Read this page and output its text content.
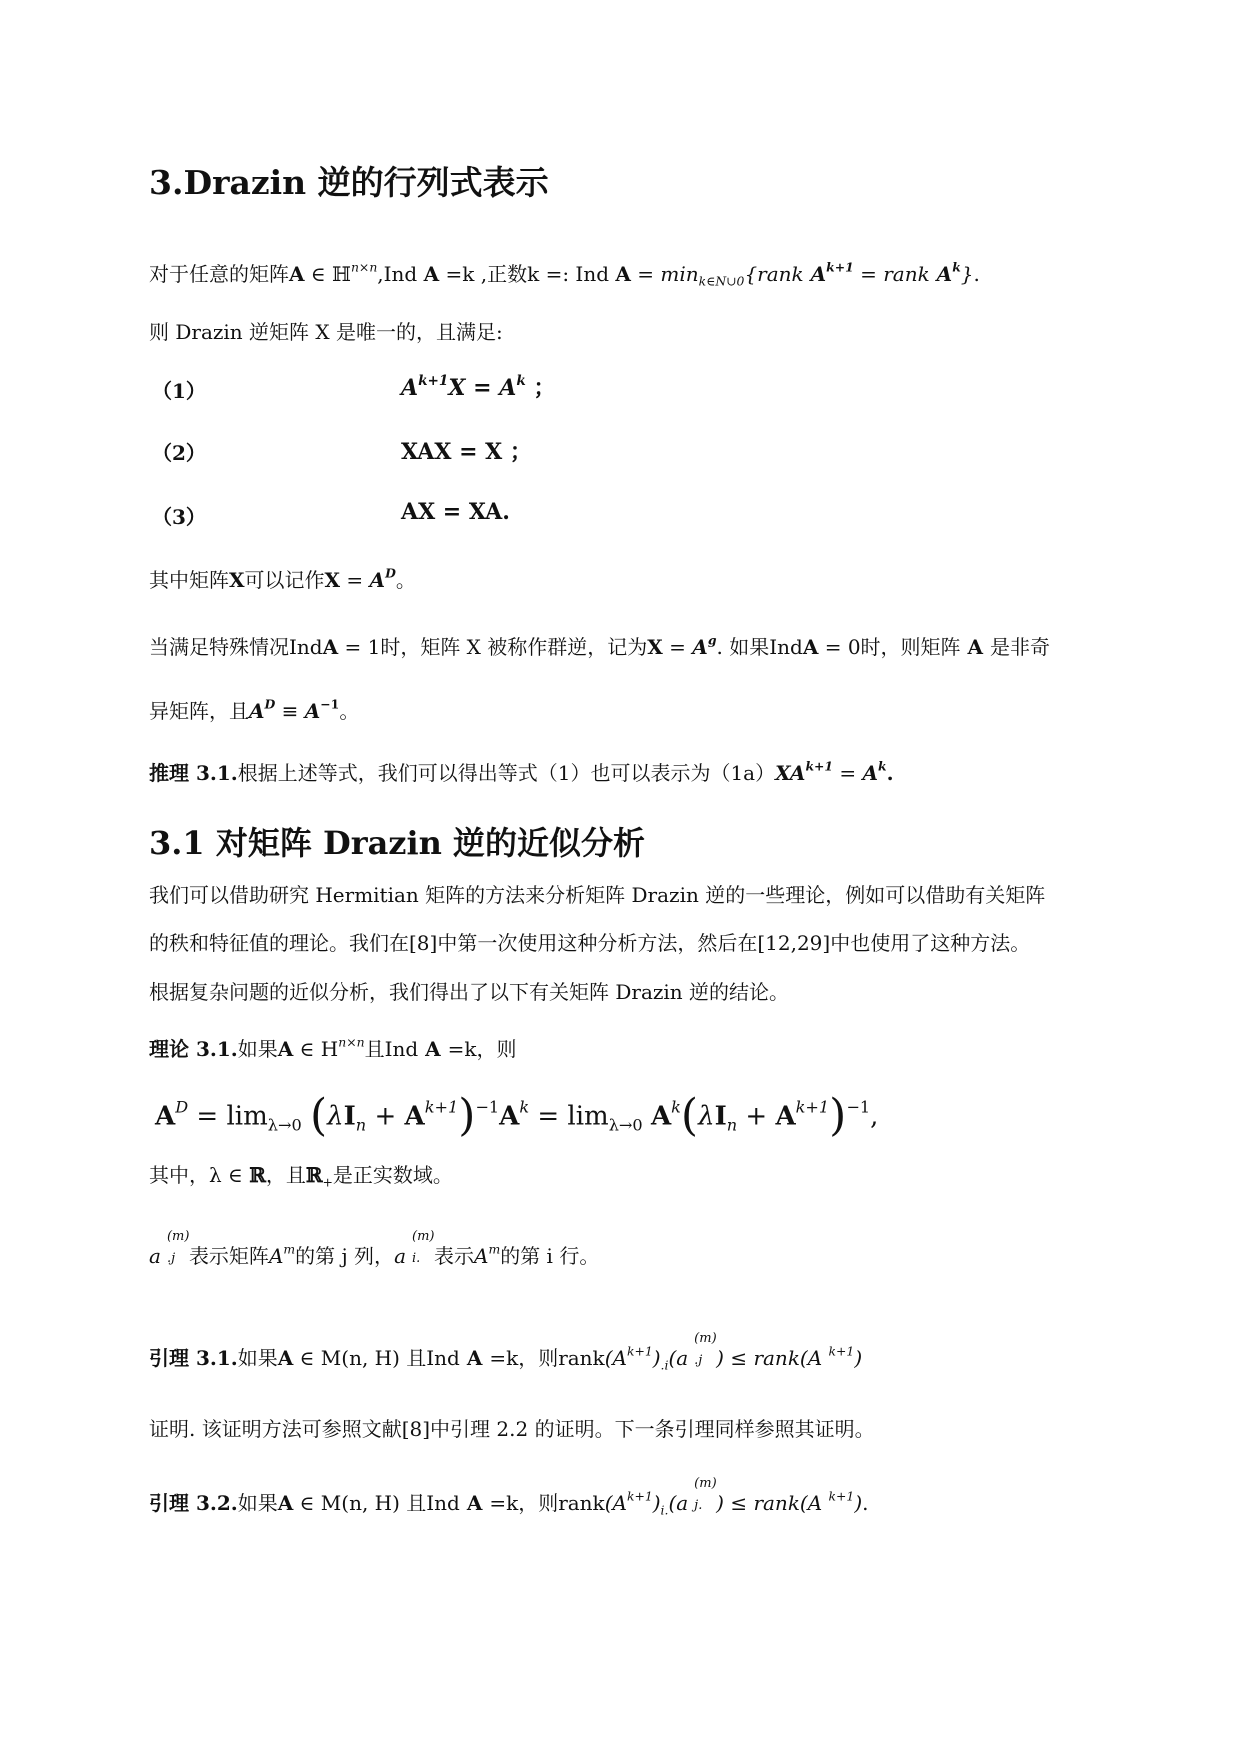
3.Drazin 逆的行列式表示
对于任意的矩阵A ∈ ℍ$^{n\times n}$,Ind A =k ,正数k =: Ind $A = \min_{k\in N\cup 0}\{rank$ $A^{k+1}$ = rank $A^k$}.
则 Drazin 逆矩阵 X 是唯一的，且满足:
（1）	$A^{k+1}X = A^k$ ；
（2）	XAX = X ；
（3）	AX = XA.
其中矩阵X可以记作$X = A^D$。
当满足特殊情况IndA = 1时，矩阵 X 被称作群逆，记为$X = A^g$. 如果IndA = 0时，则矩阵 A 是非奇
异矩阵，且$A^D \equiv A^{-1}$。
推理 3.1.根据上述等式，我们可以得出等式（1）也可以表示为$(1a)XA^{k+1} = A^k$.
3.1 对矩阵 Drazin 逆的近似分析
我们可以借助研究 Hermitian 矩阵的方法来分析矩阵 Drazin 逆的一些理论，例如可以借助有关矩阵
的秩和特征值的理论。我们在[8]中第一次使用这种分析方法，然后在[12,29]中也使用了这种方法。
根据复杂问题的近似分析，我们得出了以下有关矩阵 Drazin 逆的结论。
理论 3.1.如果A ∈ $H^{n\times n}$且Ind A =k，则
$A^D = \lim_{\lambda\to 0} (\lambda I_n + A^{k+1})^{-1}A^k = \lim_{\lambda\to 0} A^k(\lambda I_n + A^{k+1})^{-1}$,
其中，λ ∈ ℝ，且ℝ$_+$是正实数域。
a
(m)
.j 表示矩阵$A^m$的第 j 列，a
(m)
i. 表示$A^m$的第 i 行。
引理 3.1.如果A ∈ M(n, H) 且Ind A =k，则$rank(A^{k+1})_{.i}(a$
(m)
.j ) ≤ rank(A $^{k+1}$)
证明. 该证明方法可参照文献[8]中引理 2.2 的证明。下一条引理同样参照其证明。
引理 3.2.如果A ∈ M(n, H) 且Ind A =k，则$rank(A^{k+1})_{i.}(a$
(m)
j. ) ≤ rank(A $^{k+1}$).
